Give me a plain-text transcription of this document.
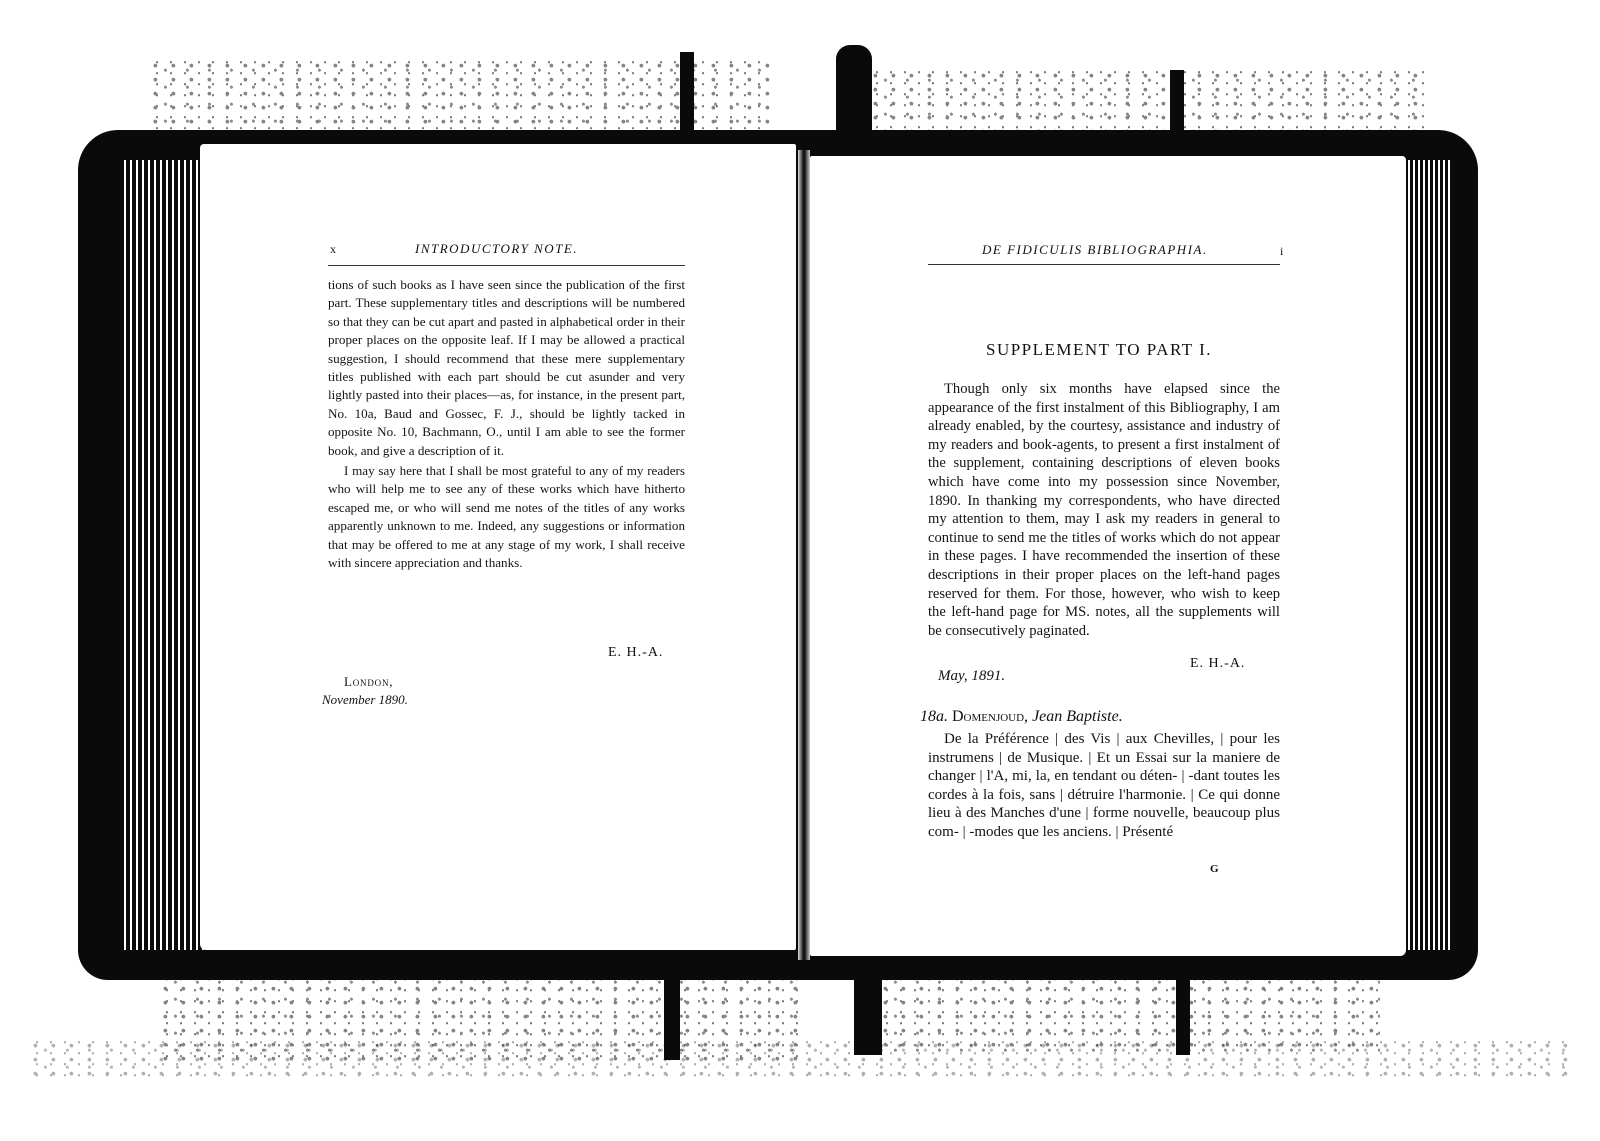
x	INTRODUCTORY NOTE.

tions of such books as I have seen since the publication of the first part. These supplementary titles and descriptions will be numbered so that they can be cut apart and pasted in alphabetical order in their proper places on the opposite leaf. If I may be allowed a practical suggestion, I should recommend that these mere supplementary titles published with each part should be cut asunder and very lightly pasted into their places—as, for instance, in the present part, No. 10a, Baud and Gossec, F. J., should be lightly tacked in opposite No. 10, Bachmann, O., until I am able to see the former book, and give a description of it.

I may say here that I shall be most grateful to any of my readers who will help me to see any of these works which have hitherto escaped me, or who will send me notes of the titles of any works apparently unknown to me. Indeed, any suggestions or information that may be offered to me at any stage of my work, I shall receive with sincere appreciation and thanks.

E. H.-A.
London,
November 1890.
DE FIDICULIS BIBLIOGRAPHIA.	i
SUPPLEMENT TO PART I.

Though only six months have elapsed since the appearance of the first instalment of this Bibliography, I am already enabled, by the courtesy, assistance and industry of my readers and book-agents, to present a first instalment of the supplement, containing descriptions of eleven books which have come into my possession since November, 1890. In thanking my correspondents, who have directed my attention to them, may I ask my readers in general to continue to send me the titles of works which do not appear in these pages. I have recommended the insertion of these descriptions in their proper places on the left-hand pages reserved for them. For those, however, who wish to keep the left-hand page for MS. notes, all the supplements will be consecutively paginated.

E. H.-A.
May, 1891.
18a. Domenjoud, Jean Baptiste.

De la Préférence | des Vis | aux Chevilles, | pour les instrumens | de Musique. | Et un Essai sur la maniere de changer | l'A, mi, la, en tendant ou déten- | -dant toutes les cordes à la fois, sans | détruire l'harmonie. | Ce qui donne lieu à des Manches d'une | forme nouvelle, beaucoup plus com- | -modes que les anciens. | Présenté

G
